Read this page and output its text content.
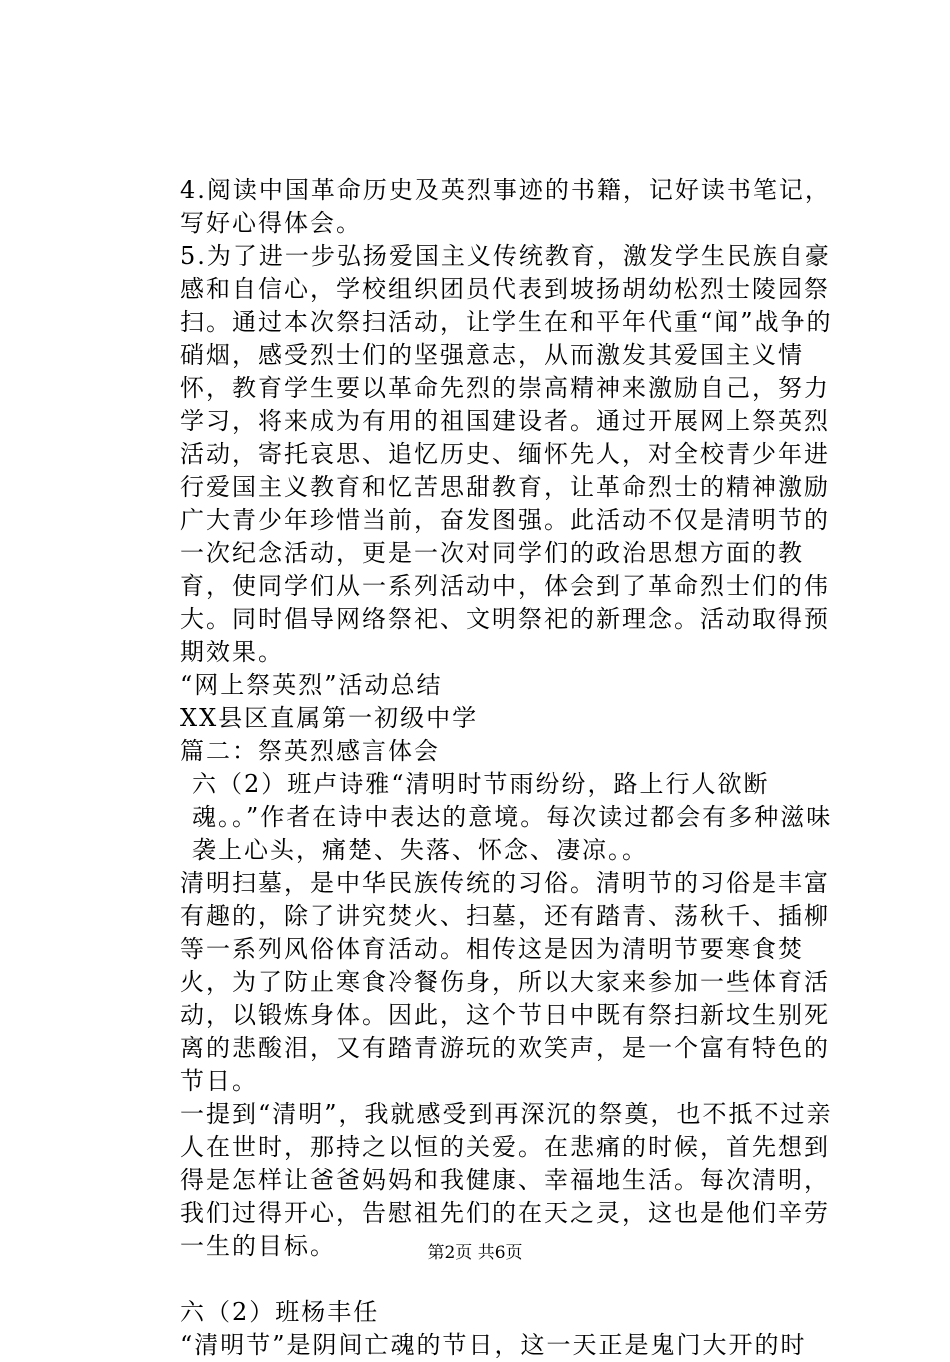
4.阅读中国革命历史及英烈事迹的书籍，记好读书笔记，写好心得体会。

5.为了进一步弘扬爱国主义传统教育，激发学生民族自豪感和自信心，学校组织团员代表到坡扬胡幼松烈士陵园祭扫。通过本次祭扫活动，让学生在和平年代重“闻”战争的硝烟，感受烈士们的坚强意志，从而激发其爱国主义情怀，教育学生要以革命先烈的崇高精神来激励自己，努力学习，将来成为有用的祖国建设者。通过开展网上祭英烈活动，寄托哀思、追忆历史、缅怀先人，对全校青少年进行爱国主义教育和忆苦思甜教育，让革命烈士的精神激励广大青少年珍惜当前，奋发图强。此活动不仅是清明节的一次纪念活动，更是一次对同学们的政治思想方面的教育，使同学们从一系列活动中，体会到了革命烈士们的伟大。同时倡导网络祭祀、文明祭祀的新理念。活动取得预期效果。

“网上祭英烈”活动总结

XX县区直属第一初级中学

篇二：祭英烈感言体会

六（2）班卢诗雅“清明时节雨纷纷，路上行人欲断魂。。”作者在诗中表达的意境。每次读过都会有多种滋味袭上心头，痛楚、失落、怀念、凄凉。。

清明扫墓，是中华民族传统的习俗。清明节的习俗是丰富有趣的，除了讲究焚火、扫墓，还有踏青、荡秋千、插柳等一系列风俗体育活动。相传这是因为清明节要寒食焚火，为了防止寒食冷餐伤身，所以大家来参加一些体育活动，以锻炼身体。因此，这个节日中既有祭扫新坟生别死离的悲酸泪，又有踏青游玩的欢笑声，是一个富有特色的节日。

一提到“清明”，我就感受到再深沉的祭奠，也不抵不过亲人在世时，那持之以恒的关爱。在悲痛的时候，首先想到得是怎样让爸爸妈妈和我健康、幸福地生活。每次清明，我们过得开心，告慰祖先们的在天之灵，这也是他们辛劳一生的目标。

六（2）班杨丰任

“清明节”是阴间亡魂的节日，这一天正是鬼门大开的时

第2页 共6页
